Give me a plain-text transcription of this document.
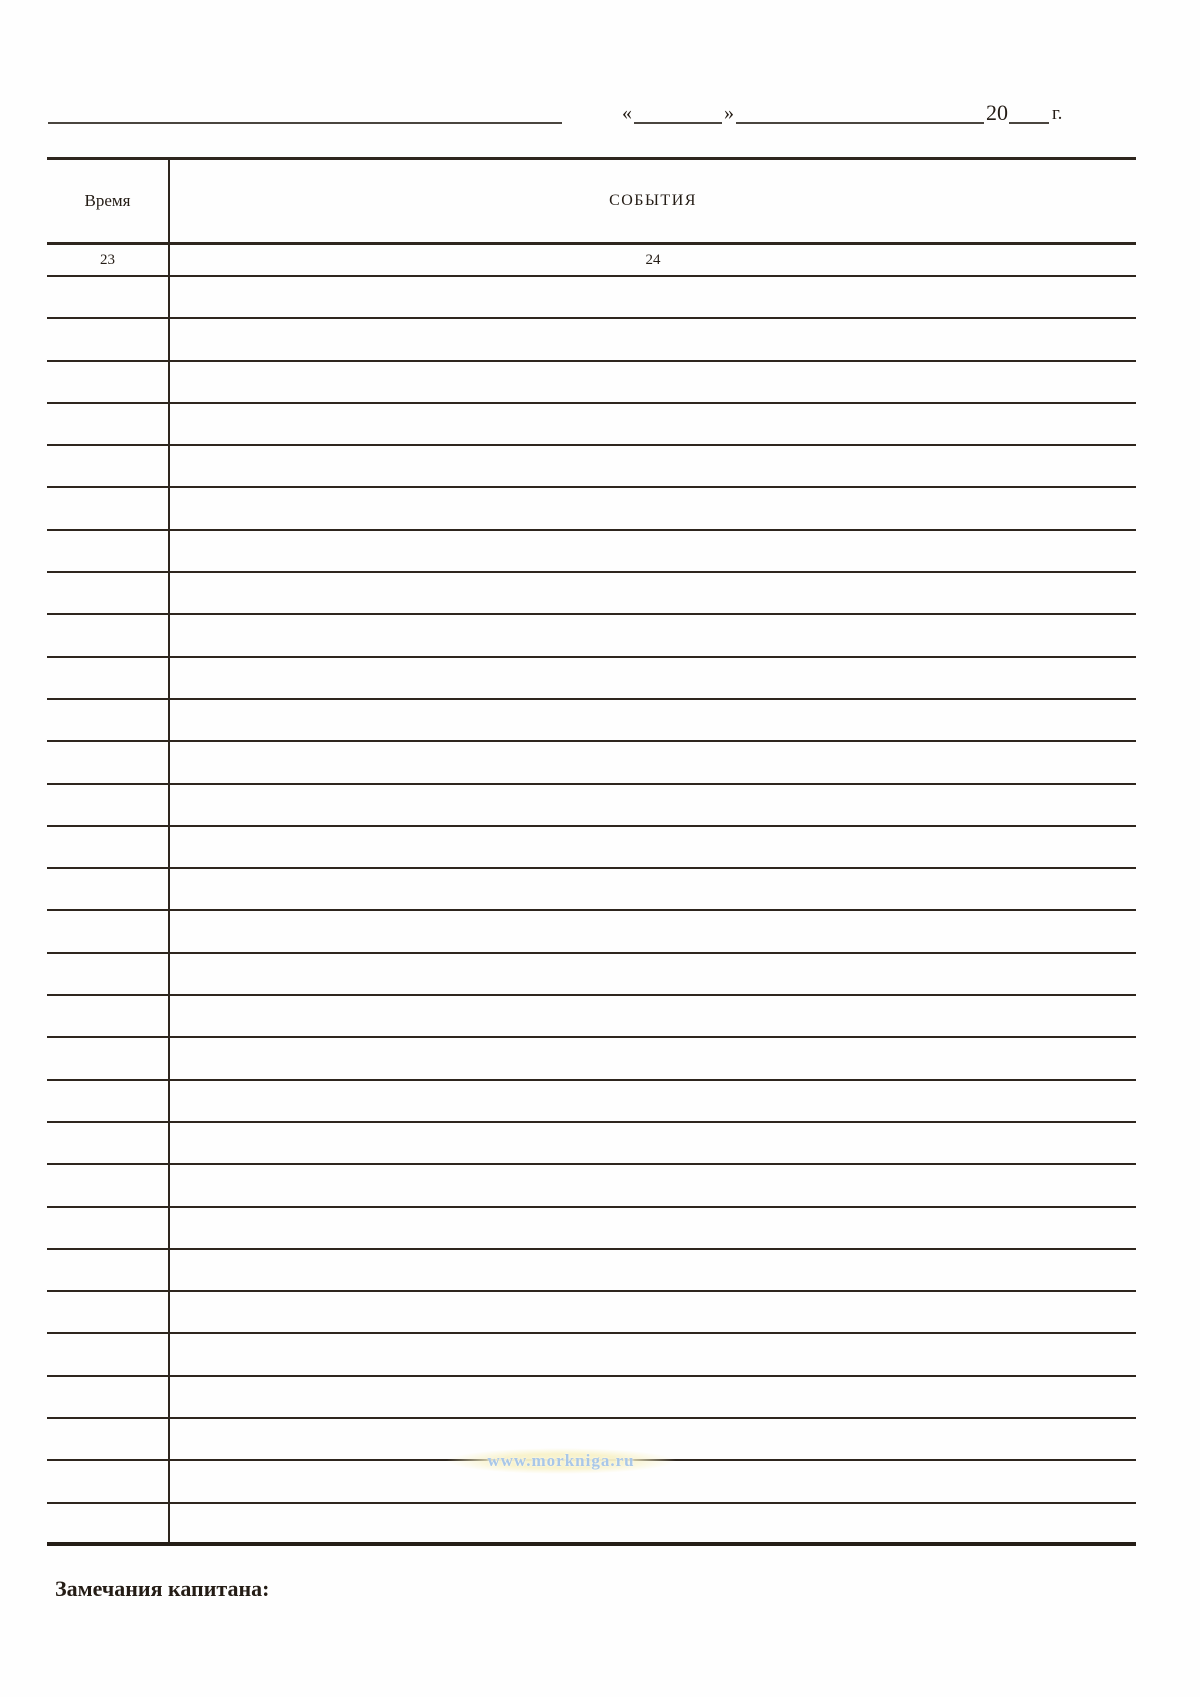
«	»	20 г.
Время	СОБЫТИЯ
23	24
www.morkniga.ru
Замечания капитана:
